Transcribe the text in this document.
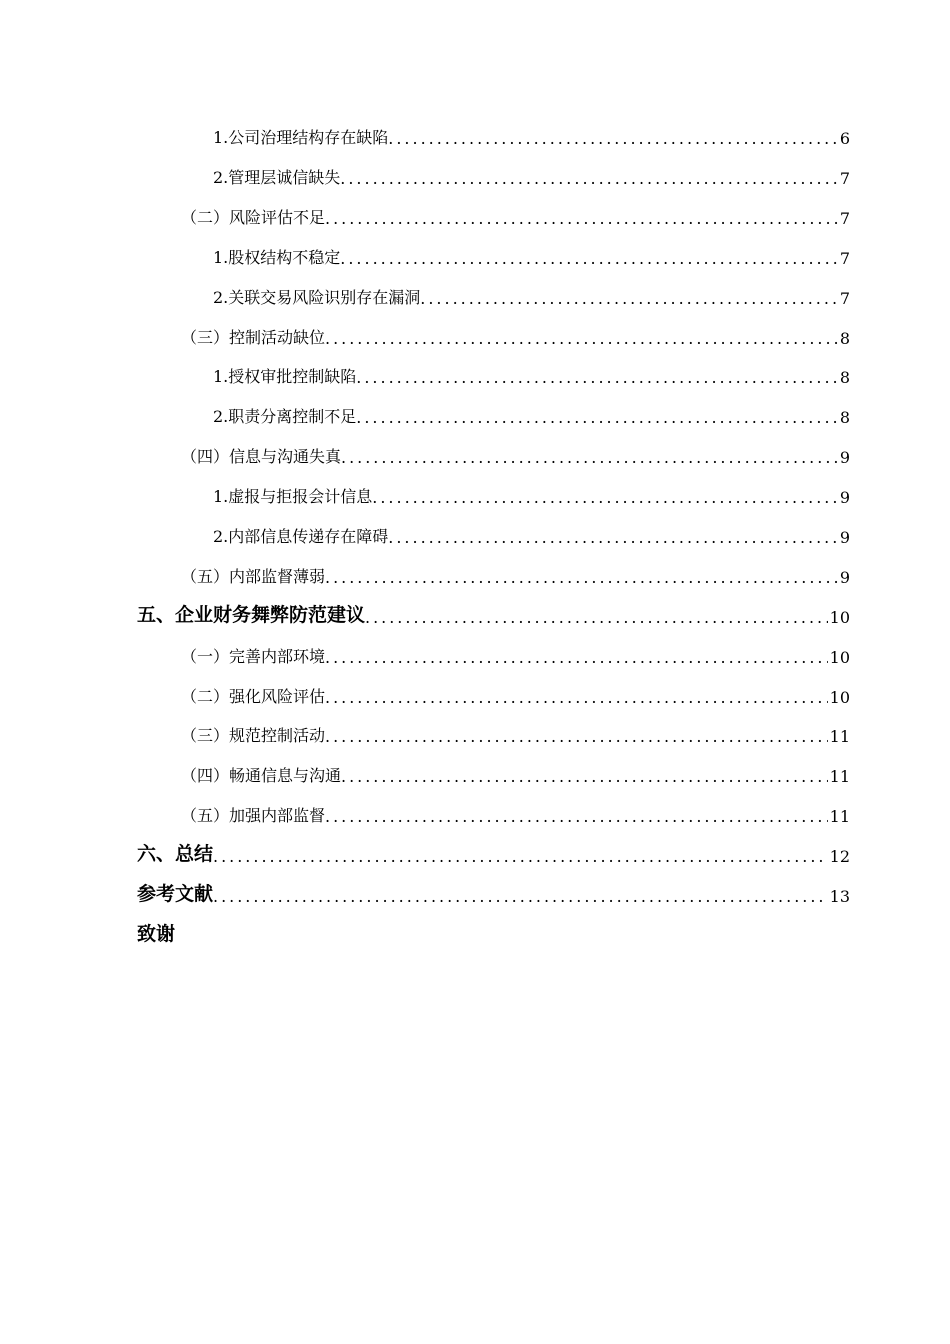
1.公司治理结构存在缺陷 . . .	6
2.管理层诚信缺失 . . .	7
（二）风险评估不足 . . .	7
1.股权结构不稳定 . . .	7
2.关联交易风险识别存在漏洞 . . .	7
（三）控制活动缺位 . . .	8
1.授权审批控制缺陷 . . .	8
2.职责分离控制不足 . . .	8
（四）信息与沟通失真 . . .	9
1.虚报与拒报会计信息 . . .	9
2.内部信息传递存在障碍 . . .	9
（五）内部监督薄弱 . . .	9
五、企业财务舞弊防范建议 . . .	10
（一）完善内部环境 . . .	10
（二）强化风险评估 . . .	10
（三）规范控制活动 . . .	11
（四）畅通信息与沟通 . . .	11
（五）加强内部监督 . . .	11
六、总结 . . .	12
参考文献 . . .	13
致谢
